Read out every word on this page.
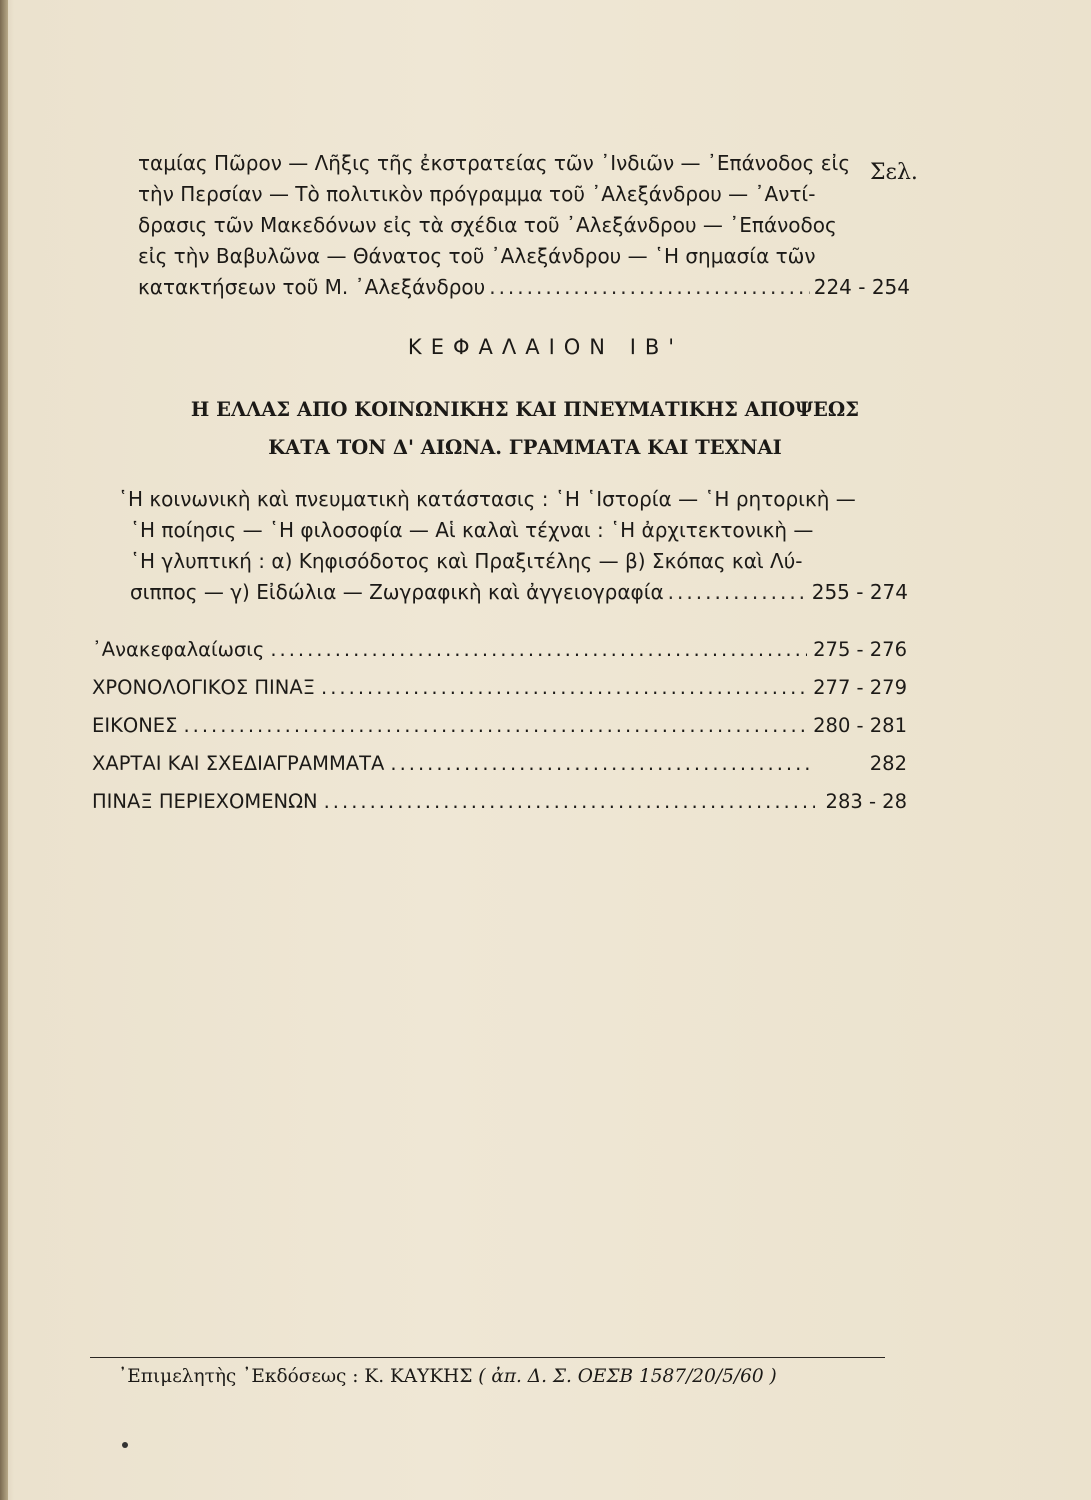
ταμίας Πῶρον — Λῆξις τῆς ἐκστρατείας τῶν ᾿Ινδιῶν — ᾿Επάνοδος εἰς
τὴν Περσίαν — Τὸ πολιτικὸν πρόγραμμα τοῦ ᾿Αλεξάνδρου — ᾿Αντί-
δρασις τῶν Μακεδόνων εἰς τὰ σχέδια τοῦ ᾿Αλεξάνδρου — ᾿Επάνοδος
εἰς τὴν Βαβυλῶνα — Θάνατος τοῦ ᾿Αλεξάνδρου — ῾Η σημασία τῶν
κατακτήσεων τοῦ Μ. ᾿Αλεξάνδρου .....	224 - 254
Σελ.
ΚΕΦΑΛΑΙΟΝ ΙΒ'
Η ΕΛΛΑΣ ΑΠΟ ΚΟΙΝΩΝΙΚΗΣ ΚΑΙ ΠΝΕΥΜΑΤΙΚΗΣ ΑΠΟΨΕΩΣ
ΚΑΤΑ ΤΟΝ Δ' ΑΙΩΝΑ. ΓΡΑΜΜΑΤΑ ΚΑΙ ΤΕΧΝΑΙ
῾Η κοινωνικὴ καὶ πνευματικὴ κατάστασις : ῾Η ῾Ιστορία — ῾Η ρητορικὴ —
῾Η ποίησις — ῾Η φιλοσοφία — Αἱ καλαὶ τέχναι : ῾Η ἀρχιτεκτονικὴ —
῾Η γλυπτική : α) Κηφισόδοτος καὶ Πραξιτέλης — β) Σκόπας καὶ Λύ-
σιππος — γ) Εἰδώλια — Ζωγραφικὴ καὶ ἀγγειογραφία .....	255 - 274
᾿Ανακεφαλαίωσις .....	275 - 276
ΧΡΟΝΟΛΟΓΙΚΟΣ ΠΙΝΑΞ .....	277 - 279
ΕΙΚΟΝΕΣ .....	280 - 281
ΧΑΡΤΑΙ ΚΑΙ ΣΧΕΔΙΑΓΡΑΜΜΑΤΑ .....	282
ΠΙΝΑΞ ΠΕΡΙΕΧΟΜΕΝΩΝ .....	283 - 28
᾿Επιμελητὴς ᾿Εκδόσεως : Κ. ΚΑΥΚΗΣ ( ἀπ. Δ. Σ. ΟΕΣΒ 1587/20/5/60 )
